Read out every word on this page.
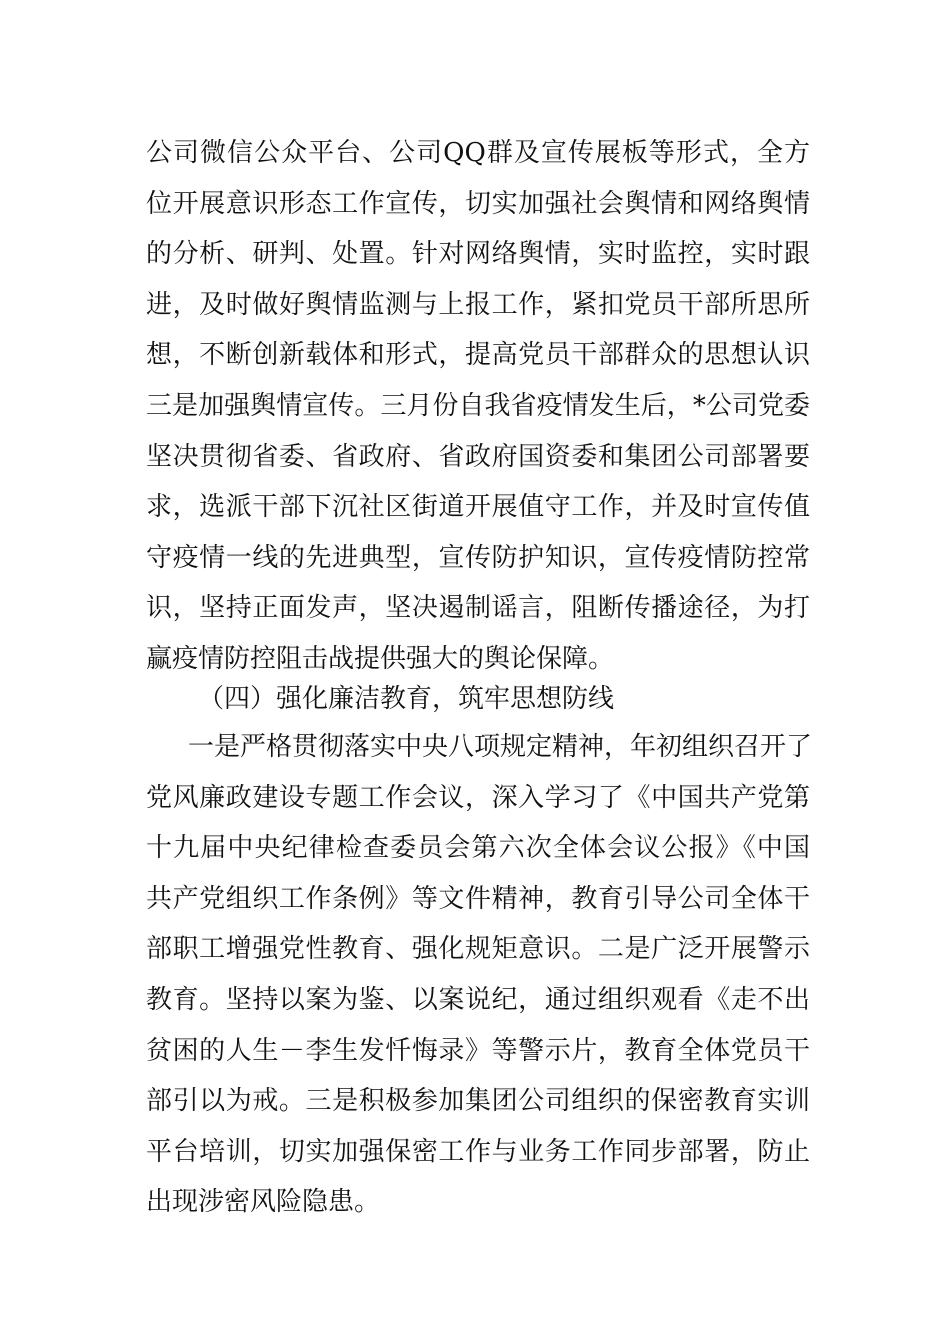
公司微信公众平台、公司QQ群及宣传展板等形式，全方
位开展意识形态工作宣传，切实加强社会舆情和网络舆情
的分析、研判、处置。针对网络舆情，实时监控，实时跟
进，及时做好舆情监测与上报工作，紧扣党员干部所思所
想，不断创新载体和形式，提高党员干部群众的思想认识
三是加强舆情宣传。三月份自我省疫情发生后，*公司党委
坚决贯彻省委、省政府、省政府国资委和集团公司部署要
求，选派干部下沉社区街道开展值守工作，并及时宣传值
守疫情一线的先进典型，宣传防护知识，宣传疫情防控常
识，坚持正面发声，坚决遏制谣言，阻断传播途径，为打
赢疫情防控阻击战提供强大的舆论保障。
（四）强化廉洁教育，筑牢思想防线
一是严格贯彻落实中央八项规定精神，年初组织召开了
党风廉政建设专题工作会议，深入学习了《中国共产党第
十九届中央纪律检查委员会第六次全体会议公报》《中国
共产党组织工作条例》等文件精神，教育引导公司全体干
部职工增强党性教育、强化规矩意识。二是广泛开展警示
教育。坚持以案为鉴、以案说纪，通过组织观看《走不出
贫困的人生－李生发忏悔录》等警示片，教育全体党员干
部引以为戒。三是积极参加集团公司组织的保密教育实训
平台培训，切实加强保密工作与业务工作同步部署，防止
出现涉密风险隐患。
